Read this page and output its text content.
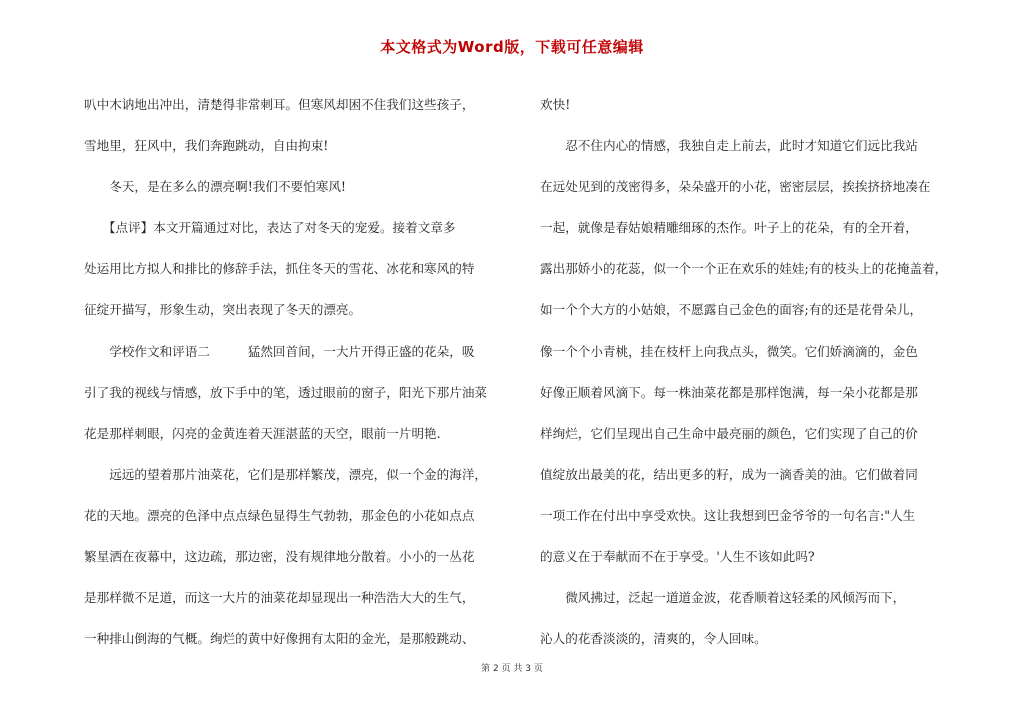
本文格式为Word版，下载可任意编辑
叭中木讷地出冲出，清楚得非常刺耳。但寒风却困不住我们这些孩子，
雪地里，狂风中，我们奔跑跳动，自由拘束!
　　冬天，是在多么的漂亮啊!我们不要怕寒风!
　　【点评】本文开篇通过对比，表达了对冬天的宠爱。接着文章多
处运用比方拟人和排比的修辞手法，抓住冬天的雪花、冰花和寒风的特
征绽开描写，形象生动，突出表现了冬天的漂亮。
　　学校作文和评语二　　　猛然回首间，一大片开得正盛的花朵，吸
引了我的视线与情感，放下手中的笔，透过眼前的窗子，阳光下那片油菜
花是那样刺眼，闪亮的金黄连着天涯湛蓝的天空，眼前一片明艳.
　　远远的望着那片油菜花，它们是那样繁茂，漂亮，似一个金的海洋，
花的天地。漂亮的色泽中点点绿色显得生气勃勃，那金色的小花如点点
繁星洒在夜幕中，这边疏，那边密，没有规律地分散着。小小的一丛花
是那样微不足道，而这一大片的油菜花却显现出一种浩浩大大的生气，
一种排山倒海的气概。绚烂的黄中好像拥有太阳的金光，是那般跳动、
欢快!
　　忍不住内心的情感，我独自走上前去，此时才知道它们远比我站
在远处见到的茂密得多，朵朵盛开的小花，密密层层，挨挨挤挤地凑在
一起，就像是春姑娘精雕细琢的杰作。叶子上的花朵，有的全开着，
露出那娇小的花蕊，似一个一个正在欢乐的娃娃;有的枝头上的花掩盖着，
如一个个大方的小姑娘，不愿露自己金色的面容;有的还是花骨朵儿，
像一个个小青桃，挂在枝杆上向我点头，微笑。它们娇滴滴的，金色
好像正顺着风滴下。每一株油菜花都是那样饱满，每一朵小花都是那
样绚烂，它们呈现出自己生命中最亮丽的颜色，它们实现了自己的价
值绽放出最美的花，结出更多的籽，成为一滴香美的油。它们做着同
一项工作在付出中享受欢快。这让我想到巴金爷爷的一句名言:"人生
的意义在于奉献而不在于享受。'人生不该如此吗?
　　微风拂过，泛起一道道金波，花香顺着这轻柔的风倾泻而下，
沁人的花香淡淡的，清爽的，令人回味。
第 2 页 共 3 页
